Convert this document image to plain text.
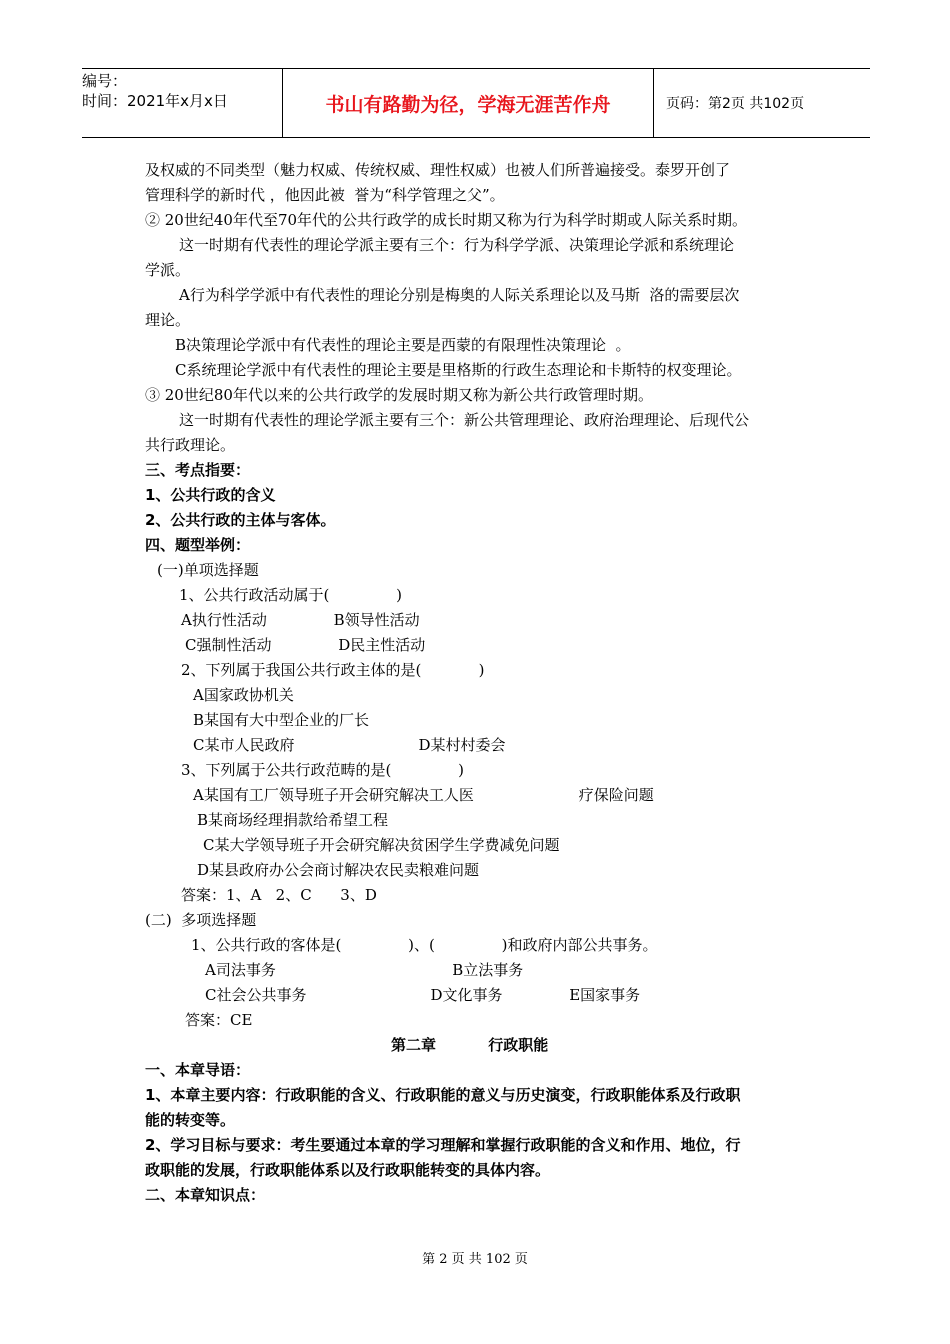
编号：
时间：2021年x月x日	书山有路勤为径，学海无涯苦作舟	页码：第2页 共102页
及权威的不同类型（魅力权威、传统权威、理性权威）也被人们所普遍接受。泰罗开创了
管理科学的新时代 ，他因此被  誉为“科学管理之父”。
② 20世纪40年代至70年代的公共行政学的成长时期又称为行为科学时期或人际关系时期。
这一时期有代表性的理论学派主要有三个：行为科学学派、决策理论学派和系统理论
学派。
A行为科学学派中有代表性的理论分别是梅奥的人际关系理论以及马斯  洛的需要层次
理论。
B决策理论学派中有代表性的理论主要是西蒙的有限理性决策理论  。
C系统理论学派中有代表性的理论主要是里格斯的行政生态理论和卡斯特的权变理论。
③ 20世纪80年代以来的公共行政学的发展时期又称为新公共行政管理时期。
这一时期有代表性的理论学派主要有三个：新公共管理理论、政府治理理论、后现代公
共行政理论。
三、考点指要：
1、公共行政的含义
2、公共行政的主体与客体。
四、题型举例：
(一)单项选择题
1、公共行政活动属于(              )
A执行性活动              B领导性活动
C强制性活动              D民主性活动
2、下列属于我国公共行政主体的是(            )
A国家政协机关
B某国有大中型企业的厂长
C某市人民政府                          D某村村委会
3、下列属于公共行政范畴的是(              )
A某国有工厂领导班子开会研究解决工人医                      疗保险问题
B某商场经理捐款给希望工程
C某大学领导班子开会研究解决贫困学生学费减免问题
D某县政府办公会商讨解决农民卖粮难问题
答案：1、A   2、C      3、D
(二)  多项选择题
1、公共行政的客体是(              )、(              )和政府内部公共事务。
A司法事务                                     B立法事务
C社会公共事务                          D文化事务              E国家事务
答案：CE
第二章          行政职能
一、本章导语：
1、本章主要内容：行政职能的含义、行政职能的意义与历史演变，行政职能体系及行政职
能的转变等。
2、学习目标与要求：考生要通过本章的学习理解和掌握行政职能的含义和作用、地位，行
政职能的发展，行政职能体系以及行政职能转变的具体内容。
二、本章知识点：
第 2 页 共 102 页
